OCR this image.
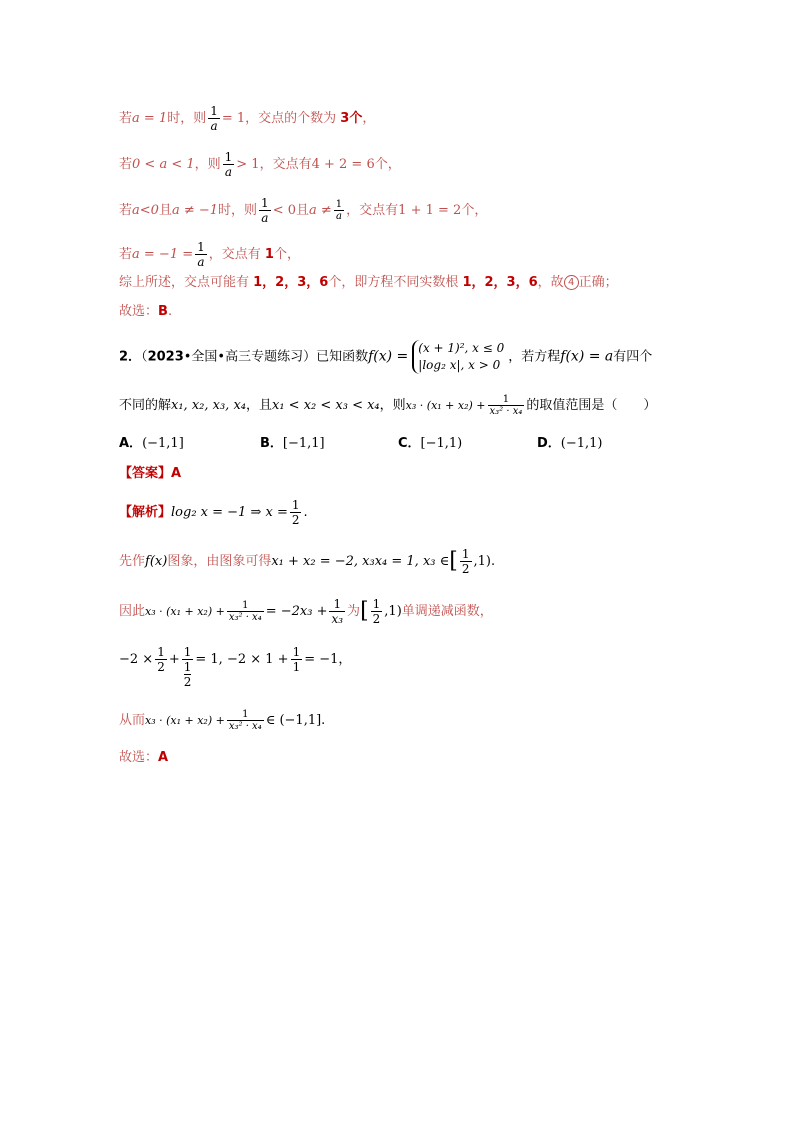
若a = 1时，则 $\frac{1}{a} = 1$，交点的个数为 3个，
若0 < a < 1，则 $\frac{1}{a} > 1$，交点有4 + 2 = 6个，
若a<0且a ≠ −1时，则 $\frac{1}{a} < 0$且$a \ne \frac{1}{a}$ ，交点有1 + 1 = 2个，
若$a = -1 = \frac{1}{a}$ ，交点有 1个，
综上所述，交点可能有 1，2，3，6个，即方程不同实数根 1，2，3，6，故 4 正确；
故选：B.
2．（2023•全国•高三专题练习）已知函数f(x) =
(x + 1)², x ≤ 0
|log₂ x|, x > 0
，若方程f(x) = a有四个
不同的解x₁, x₂, x₃, x₄，且x₁ < x₂ < x₃ < x₄，则$x_3 \cdot (x_1 + x_2) + \frac{1}{\text{x₃² · x₄}}$ 的取值范围是（　　）
A．(−1,1]	B．[−1,1]	C．[−1,1)	D．(−1,1)
【答案】A
【解析】log₂ x = −1 ⇒ $x = \frac{1}{2}$ .
先作f(x)图象，由图象可得x₁ + x₂ = −2, x₃x₄ = 1, x₃ ∈[ $\frac{1}{2} ,1$).
因此$x_3 \cdot (x_1 + x_2) + \frac{1}{\text{x₃² · x₄}} = -2x_3 + \frac{1}{\text{x₃}}$ 为[ $\frac{1}{2} ,1$)单调递减函数，
$-2 \times \frac{1}{2} + 1$
1
2 = 1, $-2 \times 1 + \frac{1}{1} = -1$，
从而$x_3 \cdot (x_1 + x_2) + \frac{1}{\text{x₃² · x₄}}$ ∈ (−1,1].
故选：A
